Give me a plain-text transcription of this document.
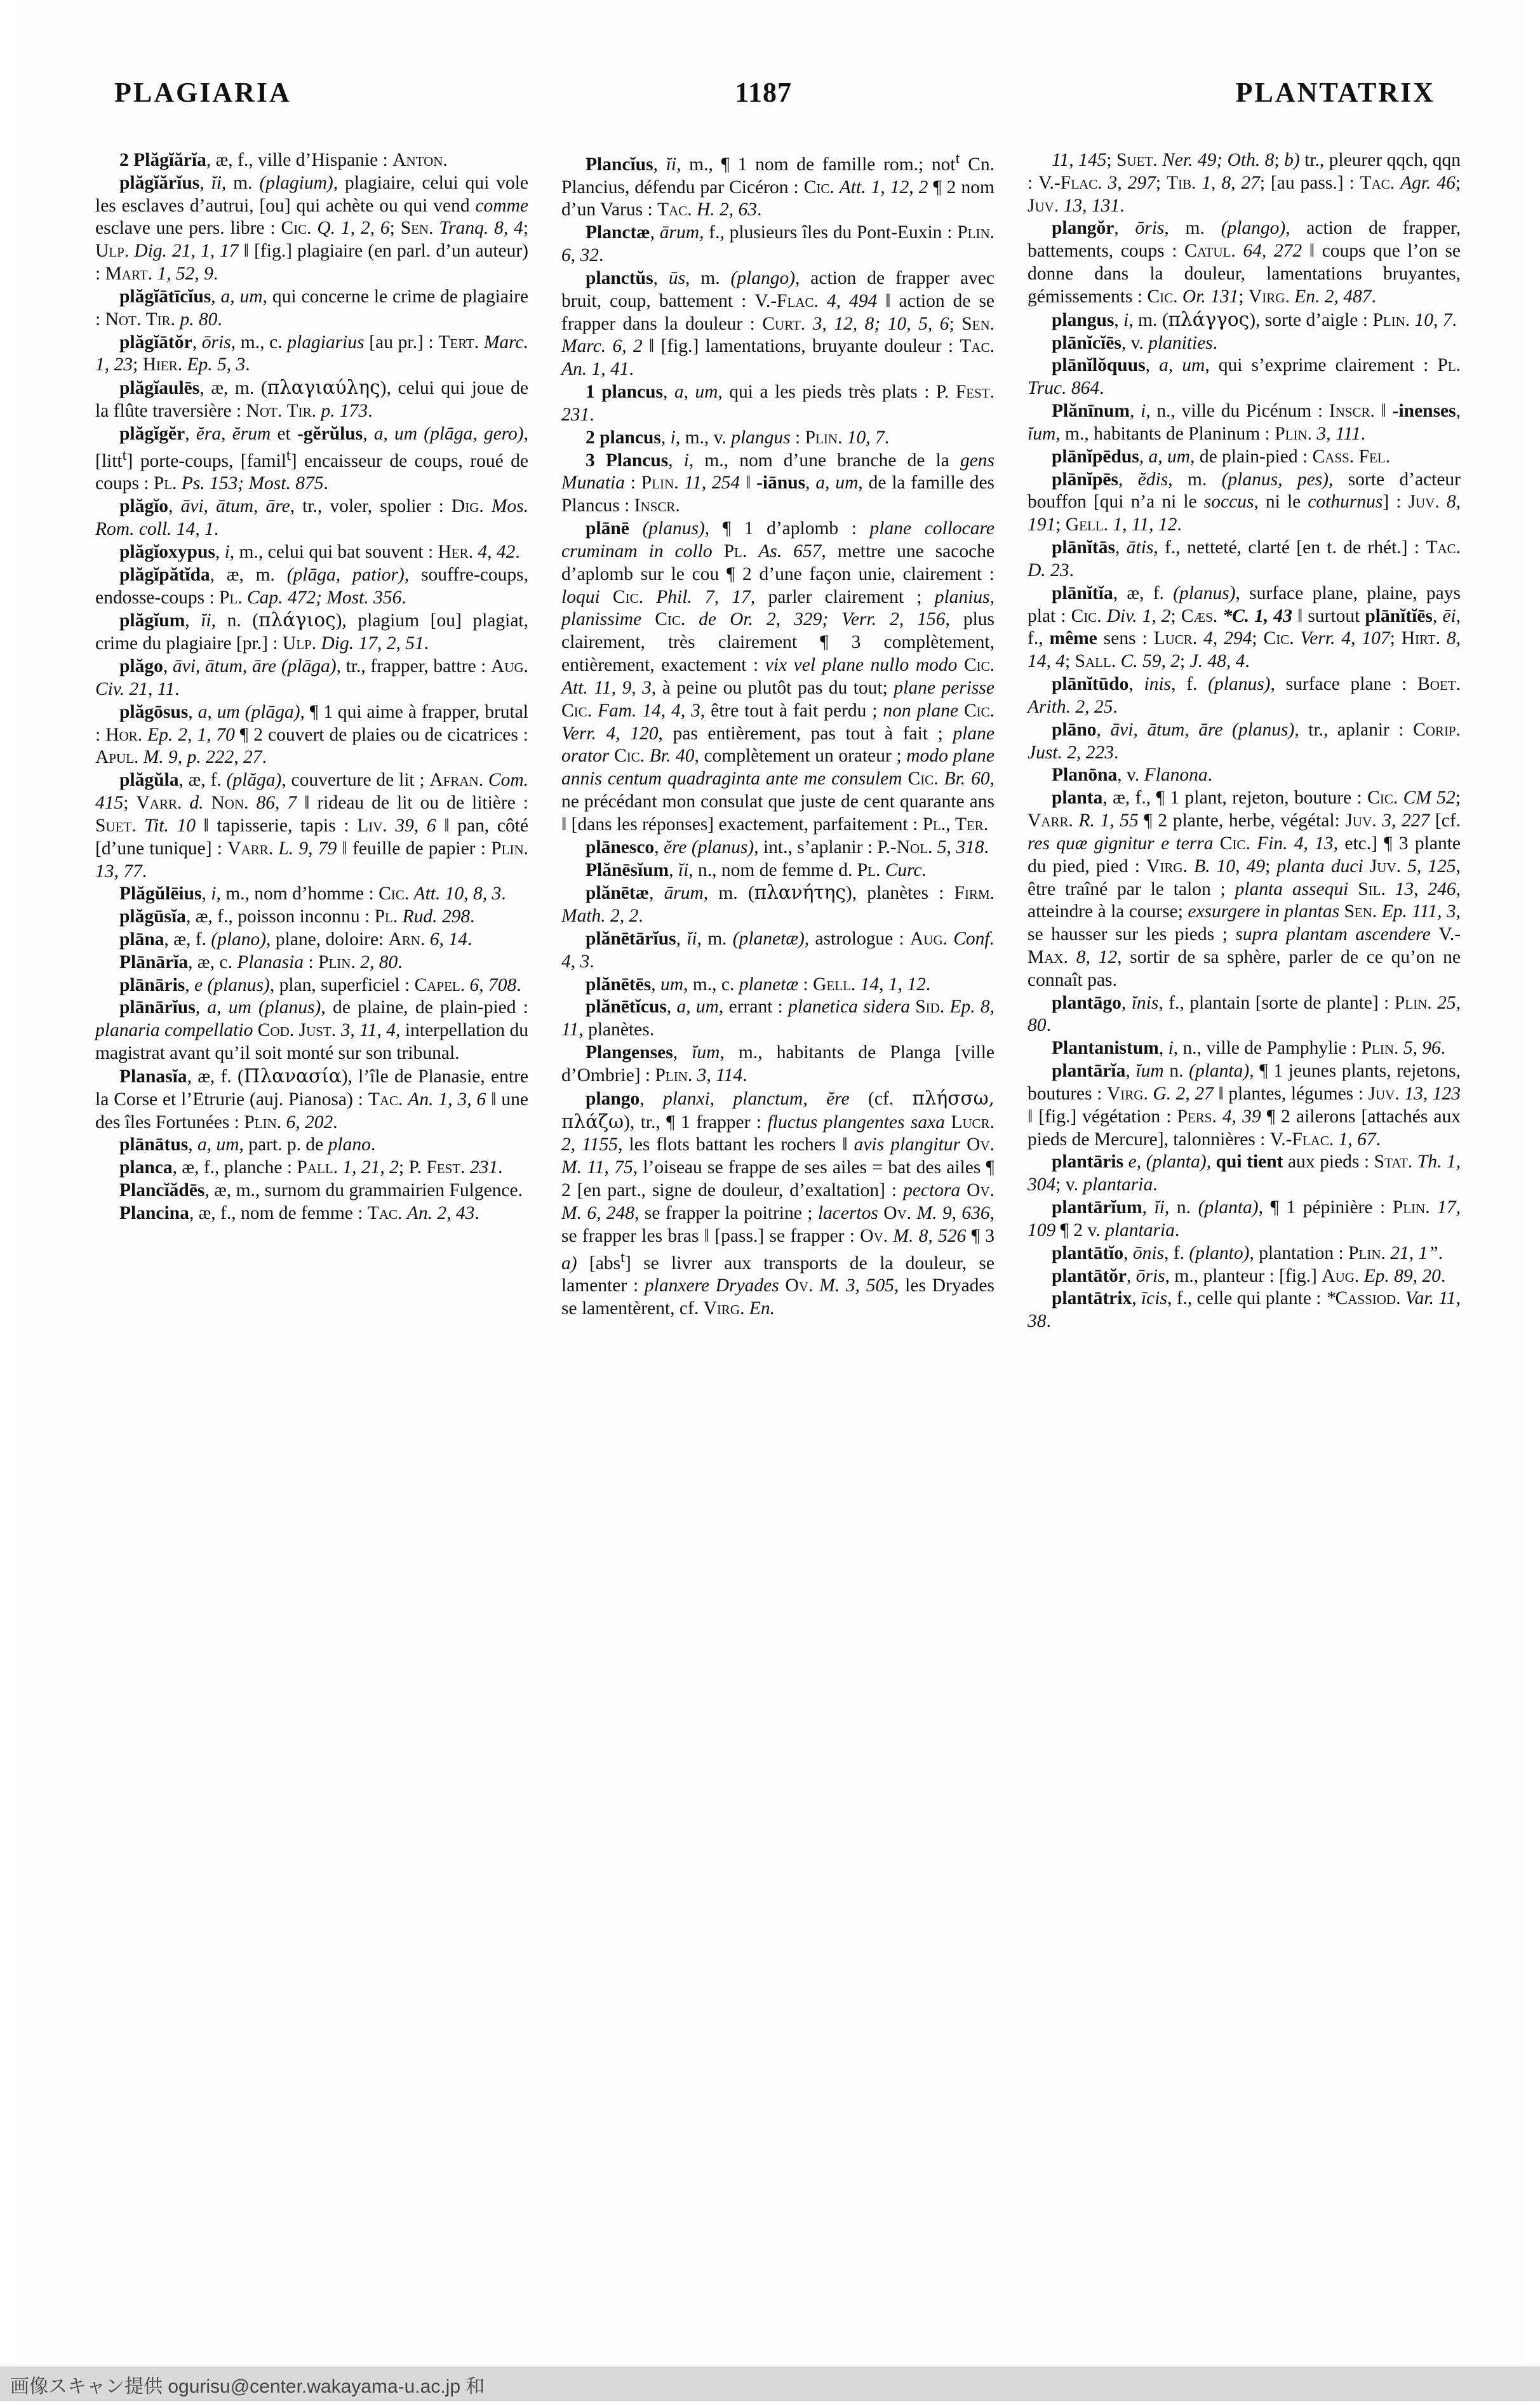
PLAGIARIA	1187	PLANTATRIX

2 Plăgĭărĭa, æ, f., ville d’Hispanie : Anton.

plăgĭărĭus, ĭi, m. (plagium), plagiaire, celui qui vole les esclaves d’autrui, [ou] qui achète ou qui vend comme esclave une pers. libre : Cic. Q. 1, 2, 6; Sen. Tranq. 8, 4; Ulp. Dig. 21, 1, 17 ‖ [fig.] plagiaire (en parl. d’un auteur) : Mart. 1, 52, 9.

plăgĭātīcĭus, a, um, qui concerne le crime de plagiaire : Not. Tir. p. 80.

plăgĭātŏr, ōris, m., c. plagiarius [au pr.] : Tert. Marc. 1, 23; Hier. Ep. 5, 3.

plăgĭaulēs, æ, m. (πλαγιαύλης), celui qui joue de la flûte traversière : Not. Tir. p. 173.

plăgĭgĕr, ĕra, ĕrum et -gĕrŭlus, a, um (plāga, gero), [litt$^t$] porte-coups, [famil$^t$] encaisseur de coups, roué de coups : Pl. Ps. 153; Most. 875.

plăgĭo, āvi, ātum, āre, tr., voler, spolier : Dig. Mos. Rom. coll. 14, 1.

plăgĭoxypus, i, m., celui qui bat souvent : Her. 4, 42.

plăgĭpătĭda, æ, m. (plāga, patior), souffre-coups, endosse-coups : Pl. Cap. 472; Most. 356.

plăgĭum, ĭi, n. (πλάγιος), plagium [ou] plagiat, crime du plagiaire [pr.] : Ulp. Dig. 17, 2, 51.

plăgo, āvi, ātum, āre (plāga), tr., frapper, battre : Aug. Civ. 21, 11.

plăgōsus, a, um (plāga), ¶ 1 qui aime à frapper, brutal : Hor. Ep. 2, 1, 70 ¶ 2 couvert de plaies ou de cicatrices : Apul. M. 9, p. 222, 27.

plăgŭla, æ, f. (plăga), couverture de lit ; Afran. Com. 415; Varr. d. Non. 86, 7 ‖ rideau de lit ou de litière : Suet. Tit. 10 ‖ tapisserie, tapis : Liv. 39, 6 ‖ pan, côté [d’une tunique] : Varr. L. 9, 79 ‖ feuille de papier : Plin. 13, 77.

Plăgŭlēius, i, m., nom d’homme : Cic. Att. 10, 8, 3.

plăgūsĭa, æ, f., poisson inconnu : Pl. Rud. 298.

plāna, æ, f. (plano), plane, doloire: Arn. 6, 14.

Plānārĭa, æ, c. Planasia : Plin. 2, 80.

plānāris, e (planus), plan, superficiel : Capel. 6, 708.

plānārĭus, a, um (planus), de plaine, de plain-pied : planaria compellatio Cod. Just. 3, 11, 4, interpellation du magistrat avant qu’il soit monté sur son tribunal.

Planasĭa, æ, f. (Πλανασία), l’île de Planasie, entre la Corse et l’Etrurie (auj. Pianosa) : Tac. An. 1, 3, 6 ‖ une des îles Fortunées : Plin. 6, 202.

plānātus, a, um, part. p. de plano.

planca, æ, f., planche : Pall. 1, 21, 2; P. Fest. 231.

Plancĭădēs, æ, m., surnom du grammairien Fulgence.

Plancina, æ, f., nom de femme : Tac. An. 2, 43.

Plancĭus, ĭi, m., ¶ 1 nom de famille rom.; not$^t$ Cn. Plancius, défendu par Cicéron : Cic. Att. 1, 12, 2 ¶ 2 nom d’un Varus : Tac. H. 2, 63.

Planctæ, ārum, f., plusieurs îles du Pont-Euxin : Plin. 6, 32.

planctŭs, ūs, m. (plango), action de frapper avec bruit, coup, battement : V.-Flac. 4, 494 ‖ action de se frapper dans la douleur : Curt. 3, 12, 8; 10, 5, 6; Sen. Marc. 6, 2 ‖ [fig.] lamentations, bruyante douleur : Tac. An. 1, 41.

1 plancus, a, um, qui a les pieds très plats : P. Fest. 231.

2 plancus, i, m., v. plangus : Plin. 10, 7.

3 Plancus, i, m., nom d’une branche de la gens Munatia : Plin. 11, 254 ‖ -iānus, a, um, de la famille des Plancus : Inscr.

plānē (planus), ¶ 1 d’aplomb : plane collocare cruminam in collo Pl. As. 657, mettre une sacoche d’aplomb sur le cou ¶ 2 d’une façon unie, clairement : loqui Cic. Phil. 7, 17, parler clairement ; planius, planissime Cic. de Or. 2, 329; Verr. 2, 156, plus clairement, très clairement ¶ 3 complètement, entièrement, exactement : vix vel plane nullo modo Cic. Att. 11, 9, 3, à peine ou plutôt pas du tout; plane perisse Cic. Fam. 14, 4, 3, être tout à fait perdu ; non plane Cic. Verr. 4, 120, pas entièrement, pas tout à fait ; plane orator Cic. Br. 40, complètement un orateur ; modo plane annis centum quadraginta ante me consulem Cic. Br. 60, ne précédant mon consulat que juste de cent quarante ans ‖ [dans les réponses] exactement, parfaitement : Pl., Ter.

plānesco, ĕre (planus), int., s’aplanir : P.-Nol. 5, 318.

Plănēsĭum, ĭi, n., nom de femme d. Pl. Curc.

plănētæ, ārum, m. (πλανήτης), planètes : Firm. Math. 2, 2.

plănētārĭus, ĭi, m. (planetæ), astrologue : Aug. Conf. 4, 3.

plănētēs, um, m., c. planetæ : Gell. 14, 1, 12.

plănētĭcus, a, um, errant : planetica sidera Sid. Ep. 8, 11, planètes.

Plangenses, ĭum, m., habitants de Planga [ville d’Ombrie] : Plin. 3, 114.

plango, planxi, planctum, ĕre (cf. πλήσσω, πλάζω), tr., ¶ 1 frapper : fluctus plangentes saxa Lucr. 2, 1155, les flots battant les rochers ‖ avis plangitur Ov. M. 11, 75, l’oiseau se frappe de ses ailes = bat des ailes ¶ 2 [en part., signe de douleur, d’exaltation] : pectora Ov. M. 6, 248, se frapper la poitrine ; lacertos Ov. M. 9, 636, se frapper les bras ‖ [pass.] se frapper : Ov. M. 8, 526 ¶ 3 a) [abs$^t$] se livrer aux transports de la douleur, se lamenter : planxere Dryades Ov. M. 3, 505, les Dryades se lamentèrent, cf. Virg. En.

11, 145; Suet. Ner. 49; Oth. 8; b) tr., pleurer qqch, qqn : V.-Flac. 3, 297; Tib. 1, 8, 27; [au pass.] : Tac. Agr. 46; Juv. 13, 131.

plangŏr, ōris, m. (plango), action de frapper, battements, coups : Catul. 64, 272 ‖ coups que l’on se donne dans la douleur, lamentations bruyantes, gémissements : Cic. Or. 131; Virg. En. 2, 487.

plangus, i, m. (πλάγγος), sorte d’aigle : Plin. 10, 7.

plānĭcĭēs, v. planities.

plānĭlŏquus, a, um, qui s’exprime clairement : Pl. Truc. 864.

Plănīnum, i, n., ville du Picénum : Inscr. ‖ -inenses, ĭum, m., habitants de Planinum : Plin. 3, 111.

plānĭpēdus, a, um, de plain-pied : Cass. Fel.

plānĭpēs, ĕdis, m. (planus, pes), sorte d’acteur bouffon [qui n’a ni le soccus, ni le cothurnus] : Juv. 8, 191; Gell. 1, 11, 12.

plānĭtās, ātis, f., netteté, clarté [en t. de rhét.] : Tac. D. 23.

plānĭtĭa, æ, f. (planus), surface plane, plaine, pays plat : Cic. Div. 1, 2; Cæs. *C. 1, 43 ‖ surtout plānĭtĭēs, ēi, f., même sens : Lucr. 4, 294; Cic. Verr. 4, 107; Hirt. 8, 14, 4; Sall. C. 59, 2; J. 48, 4.

plānĭtūdo, inis, f. (planus), surface plane : Boet. Arith. 2, 25.

plāno, āvi, ātum, āre (planus), tr., aplanir : Corip. Just. 2, 223.

Planōna, v. Flanona.

planta, æ, f., ¶ 1 plant, rejeton, bouture : Cic. CM 52; Varr. R. 1, 55 ¶ 2 plante, herbe, végétal: Juv. 3, 227 [cf. res quæ gignitur e terra Cic. Fin. 4, 13, etc.] ¶ 3 plante du pied, pied : Virg. B. 10, 49; planta duci Juv. 5, 125, être traîné par le talon ; planta assequi Sil. 13, 246, atteindre à la course; exsurgere in plantas Sen. Ep. 111, 3, se hausser sur les pieds ; supra plantam ascendere V.-Max. 8, 12, sortir de sa sphère, parler de ce qu’on ne connaît pas.

plantāgo, ĭnis, f., plantain [sorte de plante] : Plin. 25, 80.

Plantanistum, i, n., ville de Pamphylie : Plin. 5, 96.

plantārĭa, ĭum n. (planta), ¶ 1 jeunes plants, rejetons, boutures : Virg. G. 2, 27 ‖ plantes, légumes : Juv. 13, 123 ‖ [fig.] végétation : Pers. 4, 39 ¶ 2 ailerons [attachés aux pieds de Mercure], talonnières : V.-Flac. 1, 67.

plantāris e, (planta), qui tient aux pieds : Stat. Th. 1, 304; v. plantaria.

plantārĭum, ĭi, n. (planta), ¶ 1 pépinière : Plin. 17, 109 ¶ 2 v. plantaria.

plantātĭo, ōnis, f. (planto), plantation : Plin. 21, 1”.

plantātŏr, ōris, m., planteur : [fig.] Aug. Ep. 89, 20.

plantātrix, īcis, f., celle qui plante : *Cassiod. Var. 11, 38.

画像スキャン提供 ogurisu@center.wakayama-u.ac.jp 和
